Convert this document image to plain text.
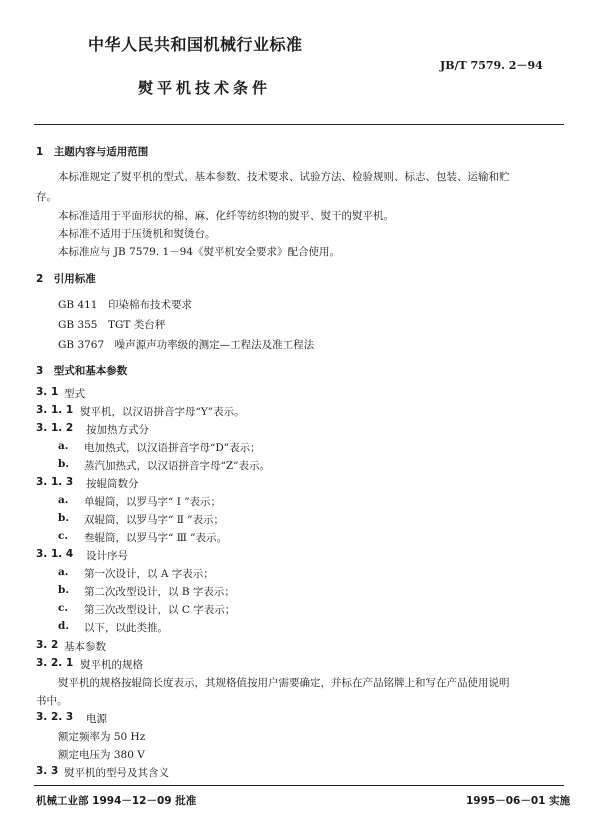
中华人民共和国机械行业标准
JB/T 7579. 2－94
熨平机技术条件
1　主题内容与适用范围
本标准规定了熨平机的型式、基本参数、技术要求、试验方法、检验规则、标志、包装、运输和贮
存。
本标准适用于平面形状的棉、麻、化纤等纺织物的熨平、熨干的熨平机。
本标准不适用于压烫机和熨烫台。
本标准应与 JB 7579. 1－94《熨平机安全要求》配合使用。
2　引用标准
GB 411　印染棉布技术要求
GB 355　TGT 类台秤
GB 3767　噪声源声功率级的测定—工程法及准工程法
3　型式和基本参数
3. 1 型式
3. 1. 1 熨平机，以汉语拼音字母“Y”表示。
3. 1. 2 按加热方式分
a. 电加热式，以汉语拼音字母“D”表示；
b. 蒸汽加热式，以汉语拼音字母“Z”表示。
3. 1. 3 按辊筒数分
a. 单辊筒，以罗马字“ Ⅰ ”表示；
b. 双辊筒，以罗马字“ Ⅱ ”表示；
c. 叁辊筒，以罗马字“ Ⅲ ”表示。
3. 1. 4 设计序号
a. 第一次设计，以 A 字表示；
b. 第二次改型设计，以 B 字表示；
c. 第三次改型设计，以 C 字表示；
d. 以下，以此类推。
3. 2 基本参数
3. 2. 1 熨平机的规格
熨平机的规格按辊筒长度表示，其规格值按用户需要确定，并标在产品铭牌上和写在产品使用说明
书中。
3. 2. 3 电源
额定频率为 50 Hz
额定电压为 380 V
3. 3 熨平机的型号及其含义
机械工业部 1994－12－09 批准	1995－06－01 实施
